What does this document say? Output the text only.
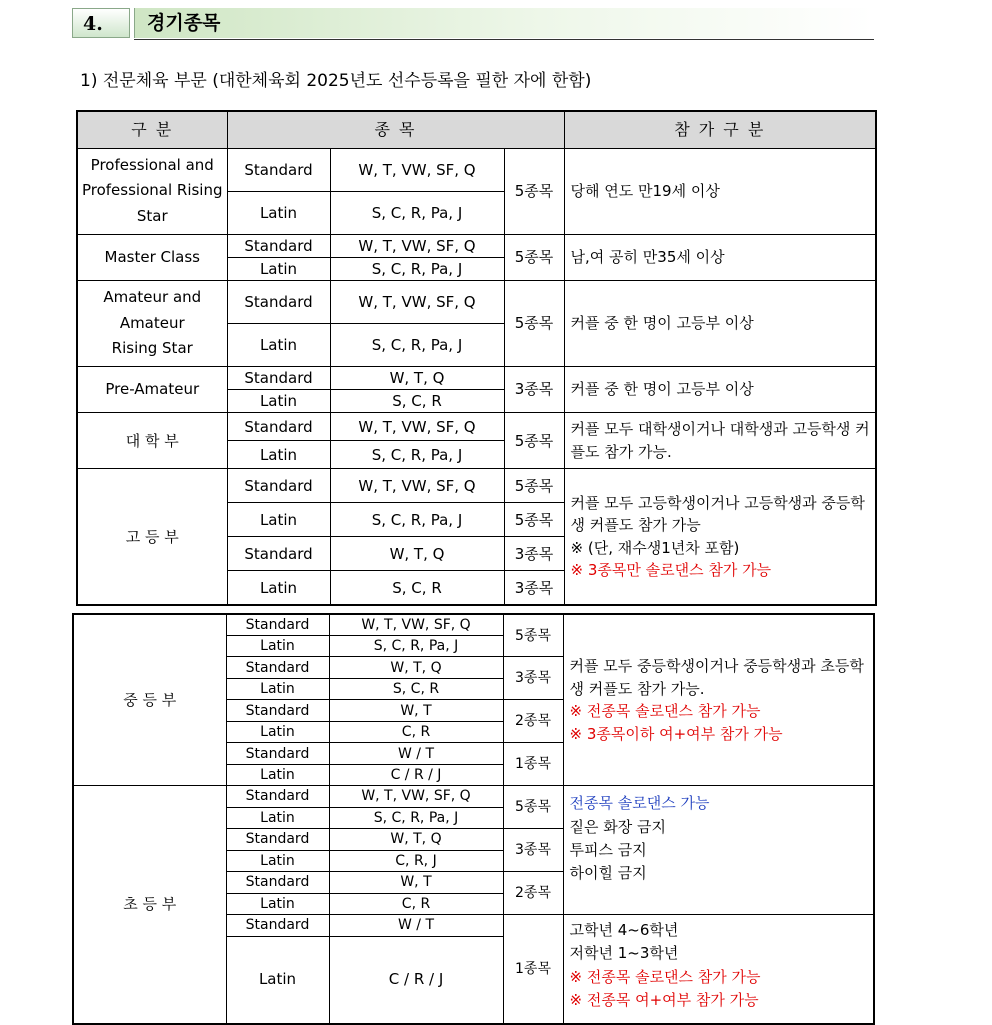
4.	경기종목
1) 전문체육 부문 (대한체육회 2025년도 선수등록을 필한 자에 한함)
구 분	종 목			참 가 구 분
Professional and Professional Rising Star	Standard	W, T, VW, SF, Q	5종목	당해 연도 만19세 이상
	Latin	S, C, R, Pa, J		
Master Class	Standard	W, T, VW, SF, Q	5종목	남,여 공히 만35세 이상
	Latin	S, C, R, Pa, J		
Amateur and Amateur Rising Star	Standard	W, T, VW, SF, Q	5종목	커플 중 한 명이 고등부 이상
	Latin	S, C, R, Pa, J		
Pre-Amateur	Standard	W, T, Q	3종목	커플 중 한 명이 고등부 이상
	Latin	S, C, R		
대 학 부	Standard	W, T, VW, SF, Q	5종목	커플 모두 대학생이거나 대학생과 고등학생 커플도 참가 가능.
	Latin	S, C, R, Pa, J		
고 등 부	Standard	W, T, VW, SF, Q	5종목	커플 모두 고등학생이거나 고등학생과 중등학생 커플도 참가 가능
※ (단, 재수생1년차 포함)
※ 3종목만 솔로댄스 참가 가능

	Latin	S, C, R, Pa, J	5종목	
	Standard	W, T, Q	3종목	
	Latin	S, C, R	3종목	
중 등 부	Standard	W, T, VW, SF, Q	5종목	커플 모두 중등학생이거나 중등학생과 초등학생 커플도 참가 가능.
※ 전종목 솔로댄스 참가 가능
※ 3종목이하 여+여부 참가 가능

	Latin	S, C, R, Pa, J		
	Standard	W, T, Q	3종목	
	Latin	S, C, R		
	Standard	W, T	2종목	
	Latin	C, R		
	Standard	W / T	1종목	
	Latin	C / R / J		
초 등 부	Standard	W, T, VW, SF, Q	5종목	전종목 솔로댄스 가능
짙은 화장 금지
투피스 금지
하이힐 금지

	Latin	S, C, R, Pa, J		
	Standard	W, T, Q	3종목	
	Latin	C, R, J		
	Standard	W, T	2종목	
	Latin	C, R		
	Standard	W / T	1종목	고학년 4~6학년
저학년 1~3학년
※ 전종목 솔로댄스 참가 가능
※ 전종목 여+여부 참가 가능

	Latin	C / R / J		
